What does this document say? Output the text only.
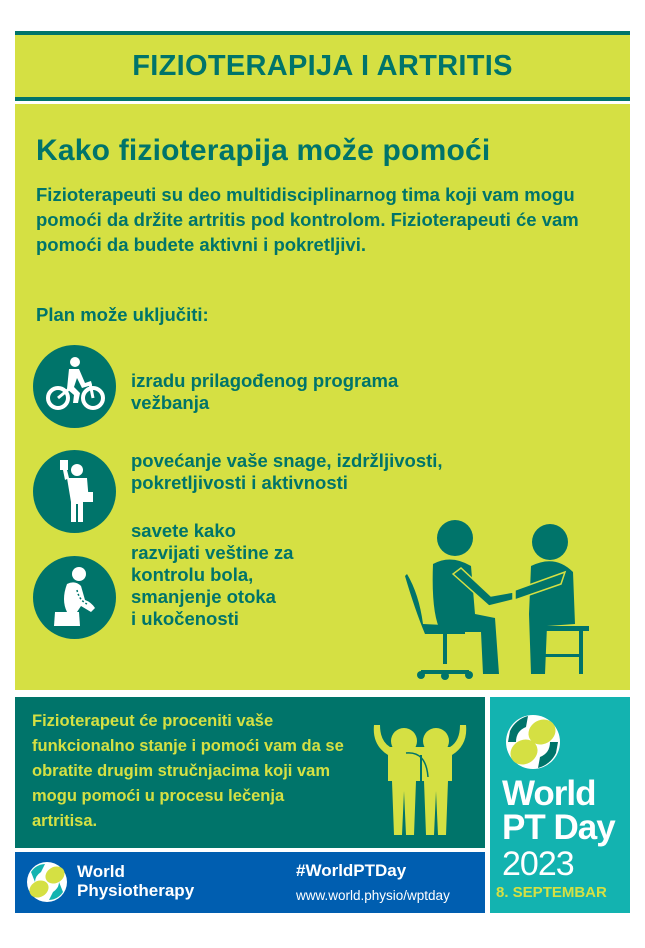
FIZIOTERAPIJA I ARTRITIS
Kako fizioterapija može pomoći

Fizioterapeuti su deo multidisciplinarnog tima koji vam mogu pomoći da držite artritis pod kontrolom. Fizioterapeuti će vam pomoći da budete aktivni i pokretljivi.

Plan može uključiti:

izradu prilagođenog programa
vežbanja

povećanje vaše snage, izdržljivosti,
pokretljivosti i aktivnosti

savete kako
razvijati veštine za
kontrolu bola,
smanjenje otoka
i ukočenosti

Fizioterapeut će proceniti vaše funkcionalno stanje i pomoći vam da se obratite drugim stručnjacima koji vam mogu pomoći u procesu lečenja artritisa.

World
Physiotherapy
#WorldPTDay
www.world.physio/wptday

World
PT Day

2023
8. SEPTEMBAR
